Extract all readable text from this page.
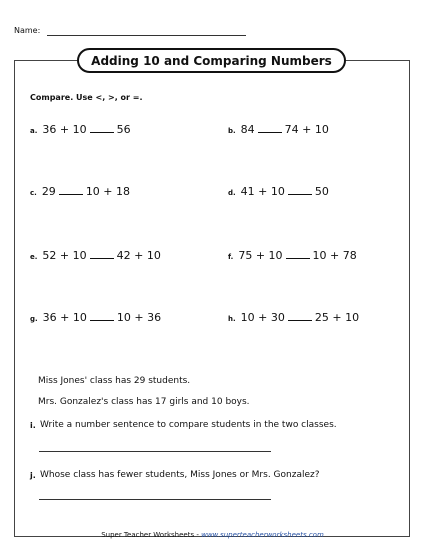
Name:
Adding 10 and Comparing Numbers
Compare. Use <, >, or =.
a. 36 + 10	56
c. 29	10 + 18
e. 52 + 10	42 + 10
g. 36 + 10	10 + 36
b. 84	74 + 10
d. 41 + 10	50
f. 75 + 10	10 + 78
h. 10 + 30	25 + 10
Miss Jones' class has 29 students.
Mrs. Gonzalez's class has 17 girls and 10 boys.
i. Write a number sentence to compare students in the two classes.
j. Whose class has fewer students, Miss Jones or Mrs. Gonzalez?
Super Teacher Worksheets - www.superteacherworksheets.com
